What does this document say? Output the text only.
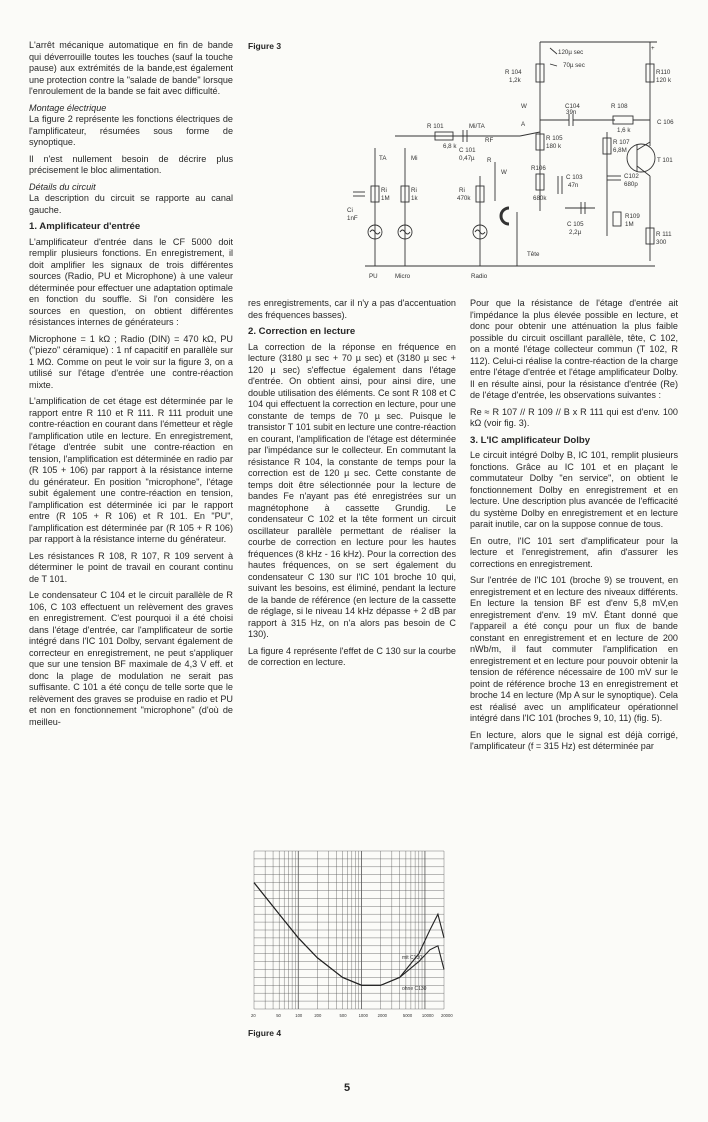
L'arrêt mécanique automatique en fin de bande qui déverrouille toutes les touches (sauf la touche pause) aux extrémités de la bande,est également une protection contre la "salade de bande" lorsque l'enroulement de la bande se fait avec difficulté.

Montage électrique

La figure 2 représente les fonctions électriques de l'amplificateur, résumées sous forme de synoptique.

Il n'est nullement besoin de décrire plus précisement le bloc alimentation.

Détails du circuit

La description du circuit se rapporte au canal gauche.

1. Amplificateur d'entrée

L'amplificateur d'entrée dans le CF 5000 doit remplir plusieurs fonctions. En enregistrement, il doit amplifier les signaux de trois différentes sources (Radio, PU et Microphone) à une valeur déterminée pour effectuer une adaptation optimale en fonction du souffle. Si l'on considère les sources en question, on obtient différentes résistances internes de générateurs :

Microphone = 1 kΩ ; Radio (DIN) = 470 kΩ, PU ("piezo" céramique) : 1 nf capacitif en parallèle sur 1 MΩ. Comme on peut le voir sur la figure 3, on a utilisé sur l'étage d'entrée une contre-réaction mixte.

L'amplification de cet étage est déterminée par le rapport entre R 110 et R 111. R 111 produit une contre-réaction en courant dans l'émetteur et règle l'amplification utile en lecture. En enregistrement, l'étage d'entrée subit une contre-réaction en tension, l'amplification est déterminée en radio par (R 105 + 106) par rapport à la résistance interne du générateur. En position "microphone", l'étage subit également une contre-réaction en tension, l'amplification est déterminée ici par le rapport entre (R 105 + R 106) et R 101. En "PU", l'amplification est déterminée par (R 105 + R 106) par rapport à la résistance interne du générateur.

Les résistances R 108, R 107, R 109 servent à déterminer le point de travail en courant continu de T 101.

Le condensateur C 104 et le circuit parallèle de R 106, C 103 effectuent un relèvement des graves en enregistrement. C'est pourquoi il a été choisi dans l'étage d'entrée, car l'amplificateur de sortie intégré dans l'IC 101 Dolby, servant également de correcteur en enregistrement, ne peut s'appliquer que sur une tension BF maximale de 4,3 V eff. et donc la plage de modulation ne serait pas suffisante. C 101 a été conçu de telle sorte que le relèvement des graves se produise en radio et PU et non en fonctionnement "microphone" (d'où de meilleu-

res enregistrements, car il n'y a pas d'accentuation des fréquences basses).

2. Correction en lecture

La correction de la réponse en fréquence en lecture (3180 µ sec + 70 µ sec) et (3180 µ sec + 120 µ sec) s'effectue également dans l'étage d'entrée. On obtient ainsi, pour ainsi dire, une double utilisation des éléments. Ce sont R 108 et C 104 qui effectuent la correction en lecture, pour une constante de temps de 70 µ sec. Puisque le transistor T 101 subit en lecture une contre-réaction en courant, l'amplification de l'étage est déterminée par l'impédance sur le collecteur. En commutant la résistance R 104, la constante de temps pour la correction est de 120 µ sec. Cette constante de temps doit être sélectionnée pour la lecture de bandes Fe n'ayant pas été enregistrées sur un magnétophone à cassette Grundig. Le condensateur C 102 et la tête forment un circuit oscillateur parallèle permettant de réaliser la courbe de correction en lecture pour les hautes fréquences (8 kHz - 16 kHz). Pour la correction des hautes fréquences, on se sert également du condensateur C 130 sur l'IC 101 broche 10 qui, suivant les besoins, est éliminé, pendant la lecture de la bande de référence (en lecture de la cassette de réglage, si le niveau 14 kHz dépasse + 2 dB par rapport à 315 Hz, on n'a alors pas besoin de C 130).

La figure 4 représente l'effet de C 130 sur la courbe de correction en lecture.

Pour que la résistance de l'étage d'entrée ait l'impédance la plus élevée possible en lecture, et donc pour obtenir une atténuation la plus faible possible du circuit oscillant parallèle, tête, C 102, on a monté l'étage collecteur commun (T 102, R 112). Celui-ci réalise la contre-réaction de la charge entre l'étage d'entrée et l'étage amplificateur Dolby. Il en résulte ainsi, pour la résistance d'entrée (Re) de l'étage d'entrée, les observations suivantes :

Re ≈ R 107 // R 109 // B x R 111 qui est d'env. 100 kΩ (voir fig. 3).

3. L'IC amplificateur Dolby

Le circuit intégré Dolby B, IC 101, remplit plusieurs fonctions. Grâce au IC 101 et en plaçant le commutateur Dolby "en service", on obtient le fonctionnement Dolby en enregistrement et en lecture. Une description plus avancée de l'efficacité du système Dolby en enregistrement et en lecture parait inutile, car on la suppose connue de tous.

En outre, l'IC 101 sert d'amplificateur pour la lecture et l'enregistrement, afin d'assurer les corrections en enregistrement.

Sur l'entrée de l'IC 101 (broche 9) se trouvent, en enregistrement et en lecture des niveaux différents. En lecture la tension BF est d'env 5,8 mV,en enregistrement d'env. 19 mV. Étant donné que l'appareil a été conçu pour un flux de bande constant en enregistrement et en lecture de 200 nWb/m, il faut commuter l'amplification en enregistrement et en lecture pour pouvoir obtenir la tension de référence nécessaire de 100 mV sur le point de référence broche 13 en enregistrement et broche 14 en lecture (Mp A sur le synoptique). Cela est réalisé avec un amplificateur opérationnel intégré dans l'IC 101 (broches 9, 10, 11) (fig. 5).

En lecture, alors que le signal est déjà corrigé, l'amplificateur (f = 315 Hz) est déterminée par

Figure 3	+
R 104
1,2k
120µ sec
70µ sec
R110
120 k
C 106
W
A
C104
39n
R 108
1,6 k
T 101
C102
680p
R 107
6,8M
R109
1M
R 111
300
R 105
180 k
R106
680k
C 103
47n
C 105
2,2µ
R 101
6,8 k
C 101
0,47µ
Mi/TA
RF
TA	Mi	R
W
Ri
1M
Ci
1nF
Ri
1k
Ri
470k
Tête
PU	Micro	Radio
mit C130
ohne C130
20	50	100	200	500	1000 2000	5000 10000 20000
Figure 4
5
